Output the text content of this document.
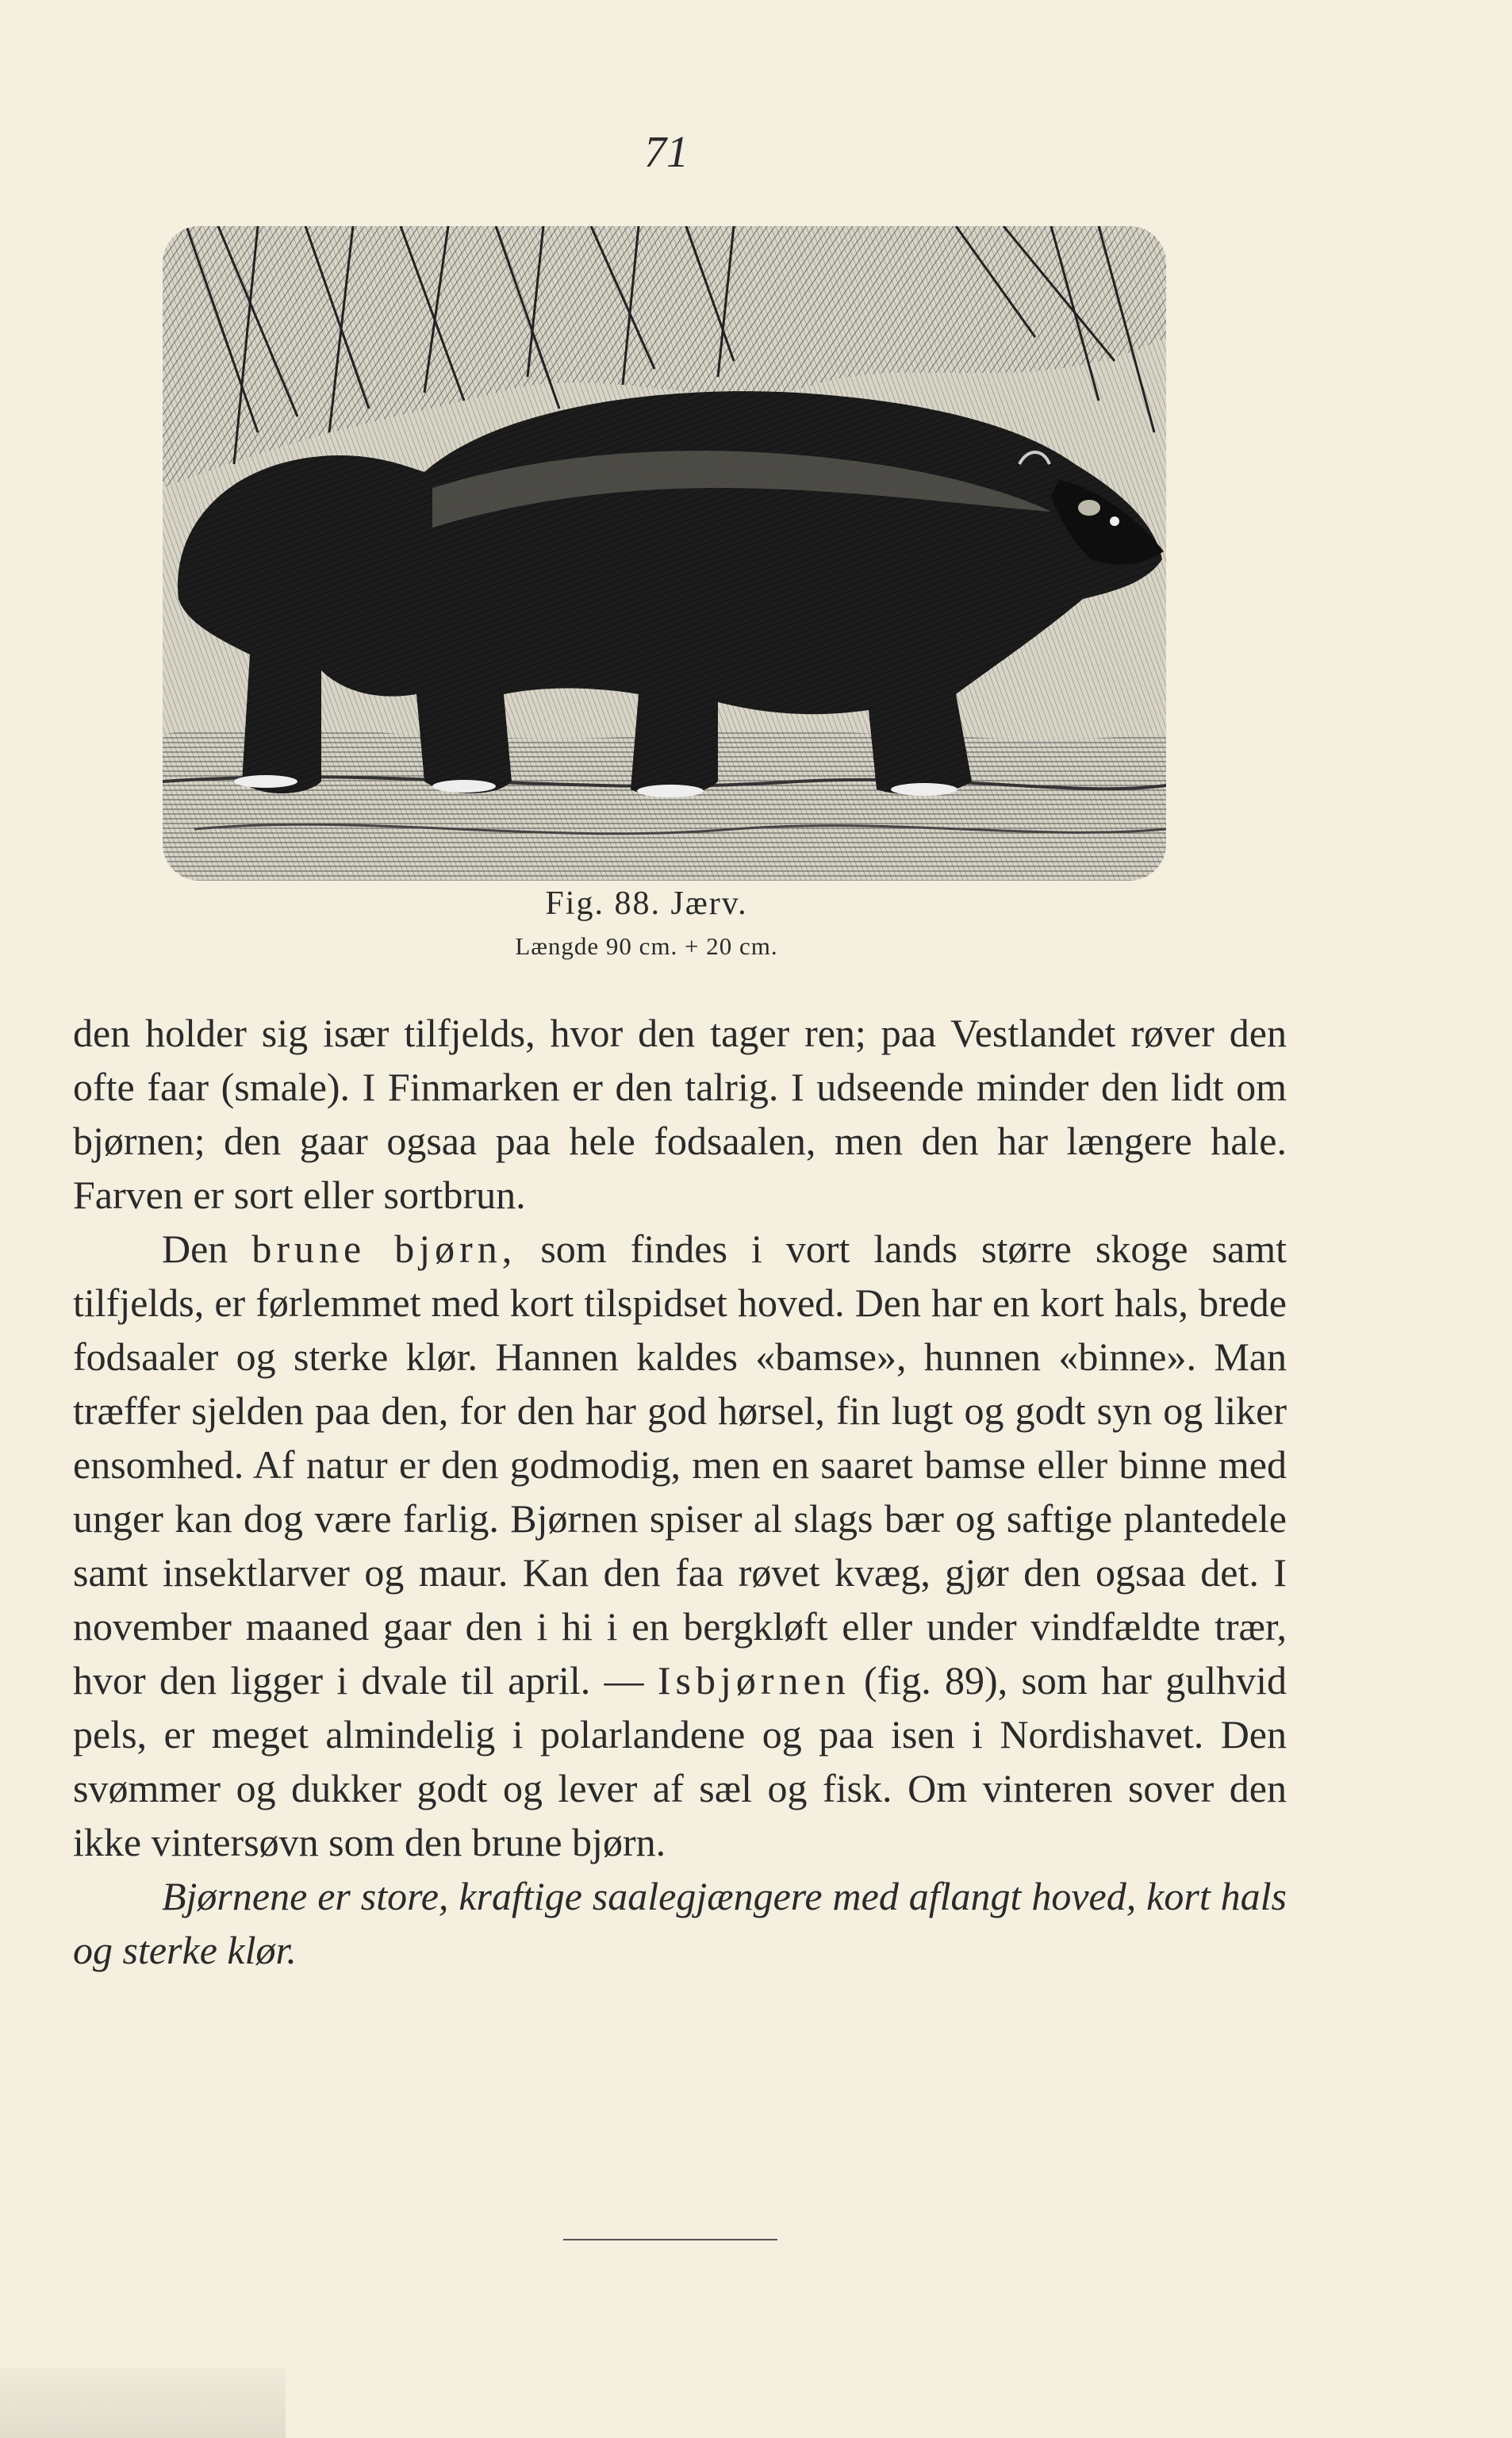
71
Fig. 88. Jærv.
Længde 90 cm. + 20 cm.

den holder sig især tilfjelds, hvor den tager ren; paa Vestlandet røver den ofte faar (smale). I Finmarken er den talrig. I udseende minder den lidt om bjørnen; den gaar ogsaa paa hele fodsaalen, men den har længere hale. Farven er sort eller sortbrun.

Den brune bjørn, som findes i vort lands større skoge samt tilfjelds, er førlemmet med kort tilspidset hoved. Den har en kort hals, brede fodsaaler og sterke klør. Hannen kaldes «bamse», hunnen «binne». Man træffer sjelden paa den, for den har god hørsel, fin lugt og godt syn og liker ensomhed. Af natur er den godmodig, men en saaret bamse eller binne med unger kan dog være farlig. Bjørnen spiser al slags bær og saftige plantedele samt insektlarver og maur. Kan den faa røvet kvæg, gjør den ogsaa det. I november maaned gaar den i hi i en bergkløft eller under vindfældte trær, hvor den ligger i dvale til april. — Isbjørnen (fig. 89), som har gulhvid pels, er meget almindelig i polarlandene og paa isen i Nordishavet. Den svømmer og dukker godt og lever af sæl og fisk. Om vinteren sover den ikke vintersøvn som den brune bjørn.

Bjørnene er store, kraftige saalegjængere med aflangt hoved, kort hals og sterke klør.
